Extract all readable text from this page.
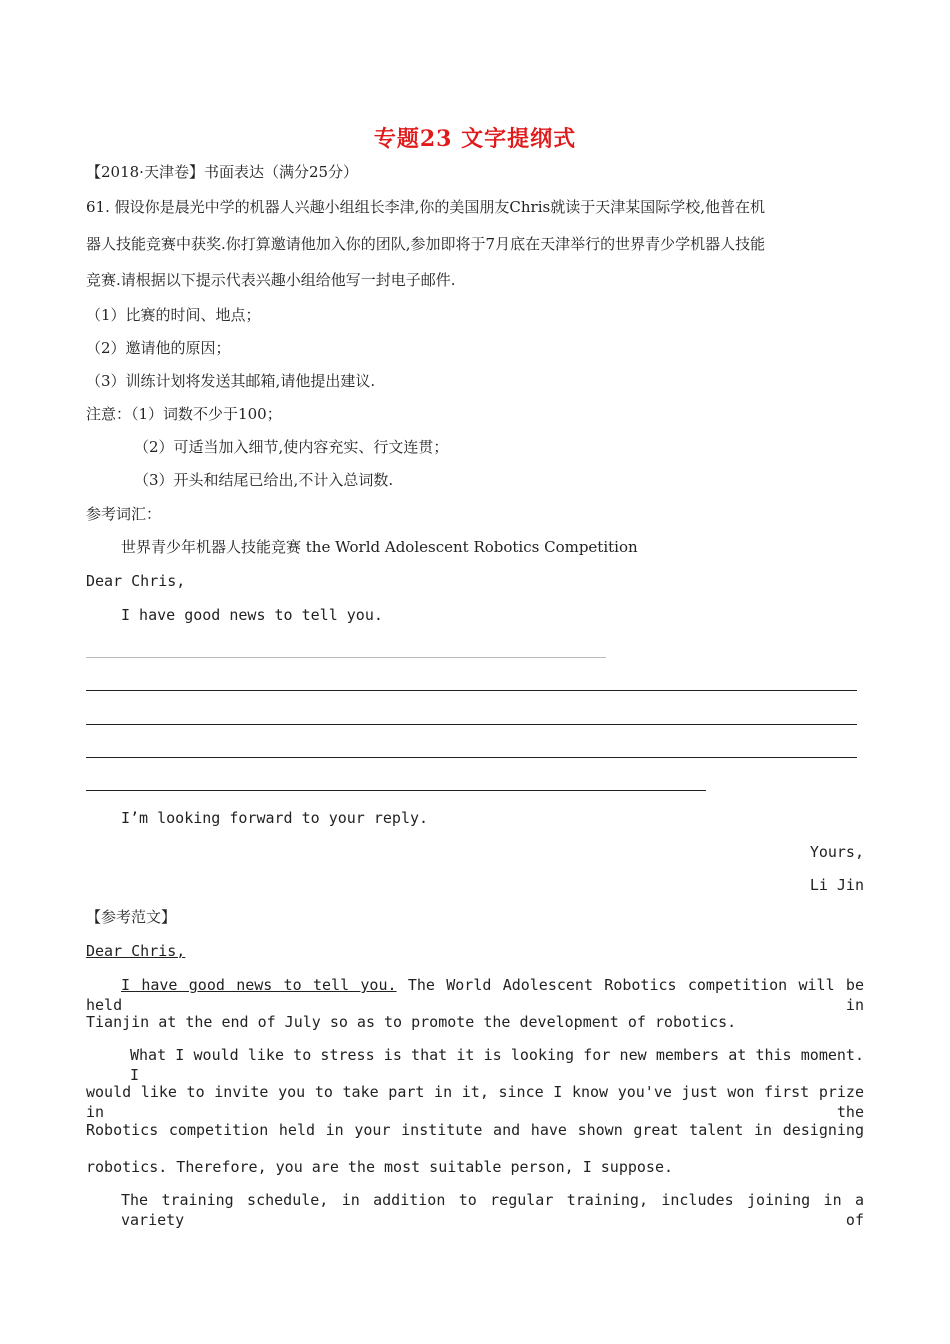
专题23 文字提纲式
【2018·天津卷】书面表达（满分25分）
61. 假设你是晨光中学的机器人兴趣小组组长李津,你的美国朋友Chris就读于天津某国际学校,他普在机
器人技能竞赛中获奖.你打算邀请他加入你的团队,参加即将于7月底在天津举行的世界青少学机器人技能
竞赛.请根据以下提示代表兴趣小组给他写一封电子邮件.
（1）比赛的时间、地点；
（2）邀请他的原因；
（3）训练计划将发送其邮箱,请他提出建议.
注意：（1）词数不少于100；
（2）可适当加入细节,使内容充实、行文连贯；
（3）开头和结尾已给出,不计入总词数.
参考词汇：
世界青少年机器人技能竞赛 the World Adolescent Robotics Competition
Dear Chris,
I have good news to tell you.
I’m looking forward to your reply.
Yours,
Li Jin
【参考范文】
Dear Chris,
I have good news to tell you. The World Adolescent Robotics competition will be held in
Tianjin at the end of July so as to promote the development of robotics.
What I would like to stress is that it is looking for new members at this moment. I
would like to invite you to take part in it, since I know you've just won first prize in the
Robotics competition held in your institute and have shown great talent in designing
robotics. Therefore, you are the most suitable person, I suppose.
The training schedule, in addition to regular training, includes joining in a variety of
